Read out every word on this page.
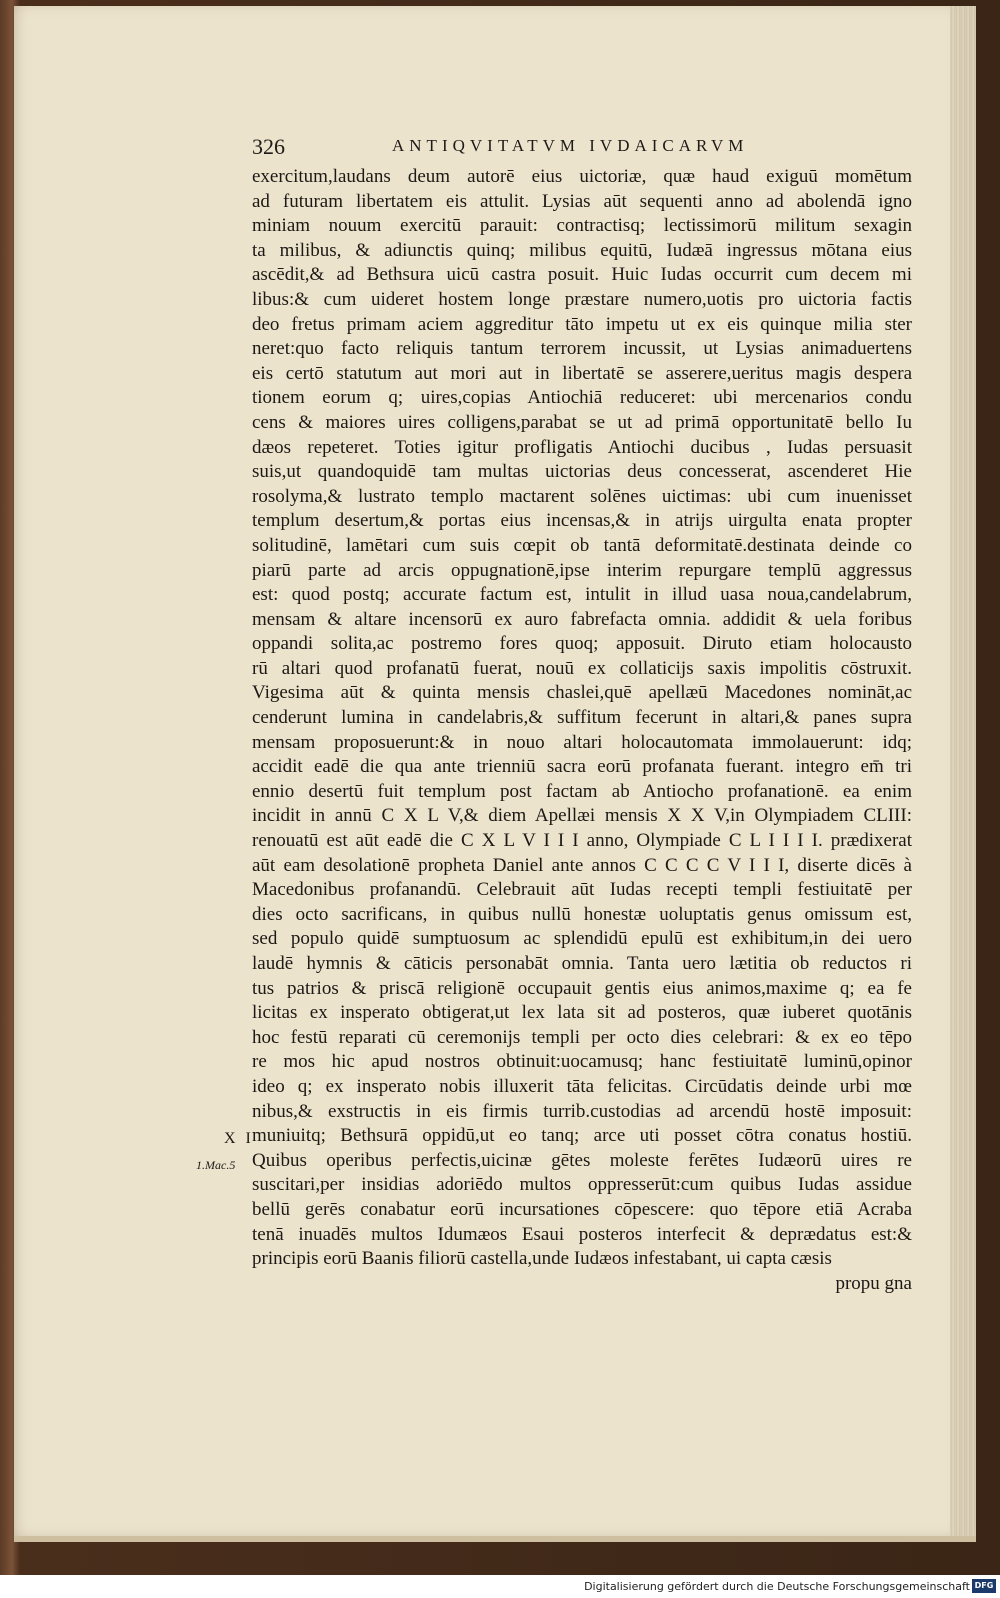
326	ANTIQVITATVM IVDAICARVM
X I
1.Mac.5
exercitum,laudans deum autorē eius uictoriæ, quæ haud exiguū momētum
ad futuram libertatem eis attulit. Lysias aūt sequenti anno ad abolendā igno
miniam nouum exercitū parauit: contractisq; lectissimorū militum sexagin
ta milibus, & adiunctis quinq; milibus equitū, Iudæā ingressus mōtana eius
ascēdit,& ad Bethsura uicū castra posuit. Huic Iudas occurrit cum decem mi
libus:& cum uideret hostem longe præstare numero,uotis pro uictoria factis
deo fretus primam aciem aggreditur tāto impetu ut ex eis quinque milia ster
neret:quo facto reliquis tantum terrorem incussit, ut Lysias animaduertens
eis certō statutum aut mori aut in libertatē se asserere,ueritus magis despera
tionem eorum q; uires,copias Antiochiā reduceret: ubi mercenarios condu
cens & maiores uires colligens,parabat se ut ad primā opportunitatē bello Iu
dæos repeteret. Toties igitur profligatis Antiochi ducibus , Iudas persuasit
suis,ut quandoquidē tam multas uictorias deus concesserat, ascenderet Hie
rosolyma,& lustrato templo mactarent solēnes uictimas: ubi cum inuenisset
templum desertum,& portas eius incensas,& in atrijs uirgulta enata propter
solitudinē, lamētari cum suis cœpit ob tantā deformitatē.destinata deinde co
piarū parte ad arcis oppugnationē,ipse interim repurgare templū aggressus
est: quod postq; accurate factum est, intulit in illud uasa noua,candelabrum,
mensam & altare incensorū ex auro fabrefacta omnia. addidit & uela foribus
oppandi solita,ac postremo fores quoq; apposuit. Diruto etiam holocausto
rū altari quod profanatū fuerat, nouū ex collaticijs saxis impolitis cōstruxit.
Vigesima aūt & quinta mensis chaslei,quē apellæū Macedones nomināt,ac
cenderunt lumina in candelabris,& suffitum fecerunt in altari,& panes supra
mensam proposuerunt:& in nouo altari holocautomata immolauerunt: idq;
accidit eadē die qua ante trienniū sacra eorū profanata fuerant. integro em̄ tri
ennio desertū fuit templum post factam ab Antiocho profanationē. ea enim
incidit in annū C X L V,& diem Apellæi mensis X X V,in Olympiadem CLIII:
renouatū est aūt eadē die C X L V I I I anno, Olympiade C L I I I I. prædixerat
aūt eam desolationē propheta Daniel ante annos C C C C V I I I, diserte dicēs à
Macedonibus profanandū. Celebrauit aūt Iudas recepti templi festiuitatē per
dies octo sacrificans, in quibus nullū honestæ uoluptatis genus omissum est,
sed populo quidē sumptuosum ac splendidū epulū est exhibitum,in dei uero
laudē hymnis & cāticis personabāt omnia. Tanta uero lætitia ob reductos ri
tus patrios & priscā religionē occupauit gentis eius animos,maxime q; ea fe
licitas ex insperato obtigerat,ut lex lata sit ad posteros, quæ iuberet quotānis
hoc festū reparati cū ceremonijs templi per octo dies celebrari: & ex eo tēpo
re mos hic apud nostros obtinuit:uocamusq; hanc festiuitatē luminū,opinor
ideo q; ex insperato nobis illuxerit tāta felicitas. Circūdatis deinde urbi mœ
nibus,& exstructis in eis firmis turrib.custodias ad arcendū hostē imposuit:
muniuitq; Bethsurā oppidū,ut eo tanq; arce uti posset cōtra conatus hostiū.
Quibus operibus perfectis,uicinæ gētes moleste ferētes Iudæorū uires re
suscitari,per insidias adoriēdo multos oppresserūt:cum quibus Iudas assidue
bellū gerēs conabatur eorū incursationes cōpescere: quo tēpore etiā Acraba
tenā inuadēs multos Idumæos Esaui posteros interfecit & deprædatus est:&
principis eorū Baanis filiorū castella,unde Iudæos infestabant, ui capta cæsis
propu gna
Digitalisierung gefördert durch die Deutsche Forschungsgemeinschaft DFG
